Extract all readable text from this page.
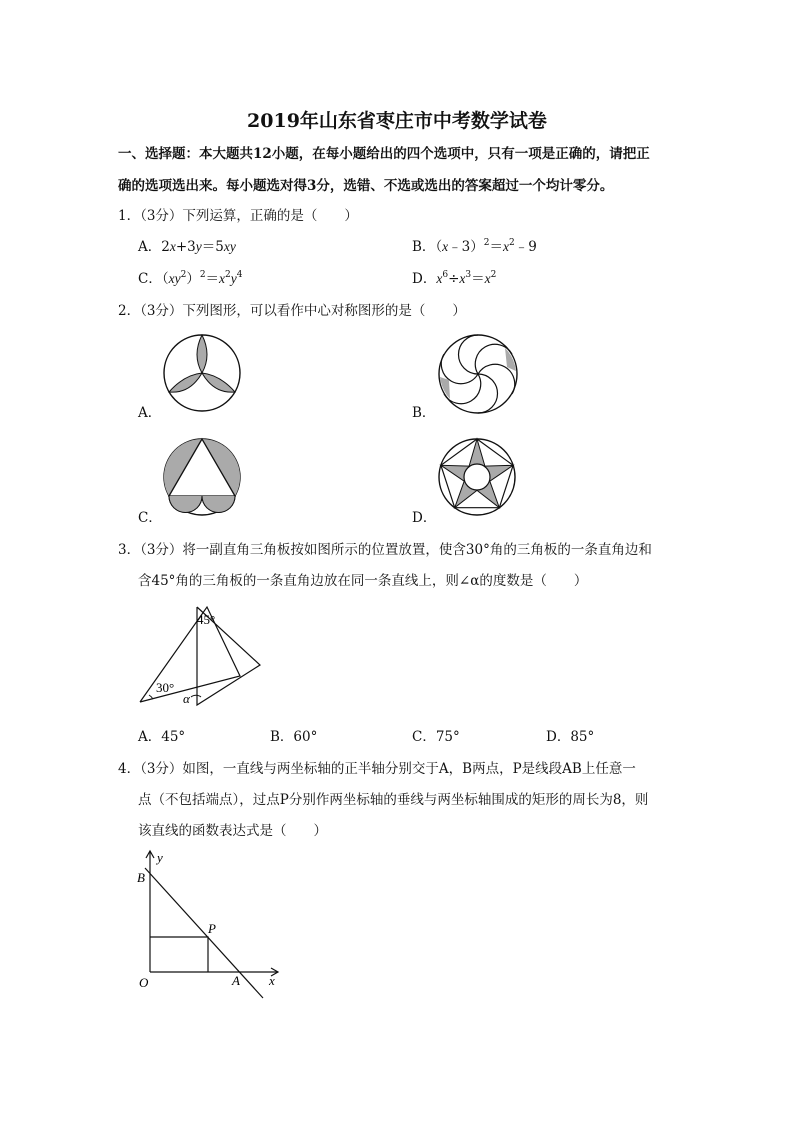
2019年山东省枣庄市中考数学试卷
一、选择题：本大题共12小题，在每小题给出的四个选项中，只有一项是正确的，请把正
确的选项选出来。每小题选对得3分，选错、不选或选出的答案超过一个均计零分。
1．（3分）下列运算，正确的是（　　）
A．2x+3y＝5xy	B．$(x﹣3)^2=x^2﹣9$
C．$(xy^2)^2=x^2y^4$	D．$x^6\div x^3=x^2$
2．（3分）下列图形，可以看作中心对称图形的是（　　）
A．	B．
C．	D．
3．（3分）将一副直角三角板按如图所示的位置放置，使含30°角的三角板的一条直角边和
含45°角的三角板的一条直角边放在同一条直线上，则∠α的度数是（　　）
45°
30°
α
A．45°	B．60°	C．75°	D．85°
4．（3分）如图，一直线与两坐标轴的正半轴分别交于A，B两点，P是线段AB上任意一
点（不包括端点），过点P分别作两坐标轴的垂线与两坐标轴围成的矩形的周长为8，则
该直线的函数表达式是（　　）
y
B
P
O	A x
